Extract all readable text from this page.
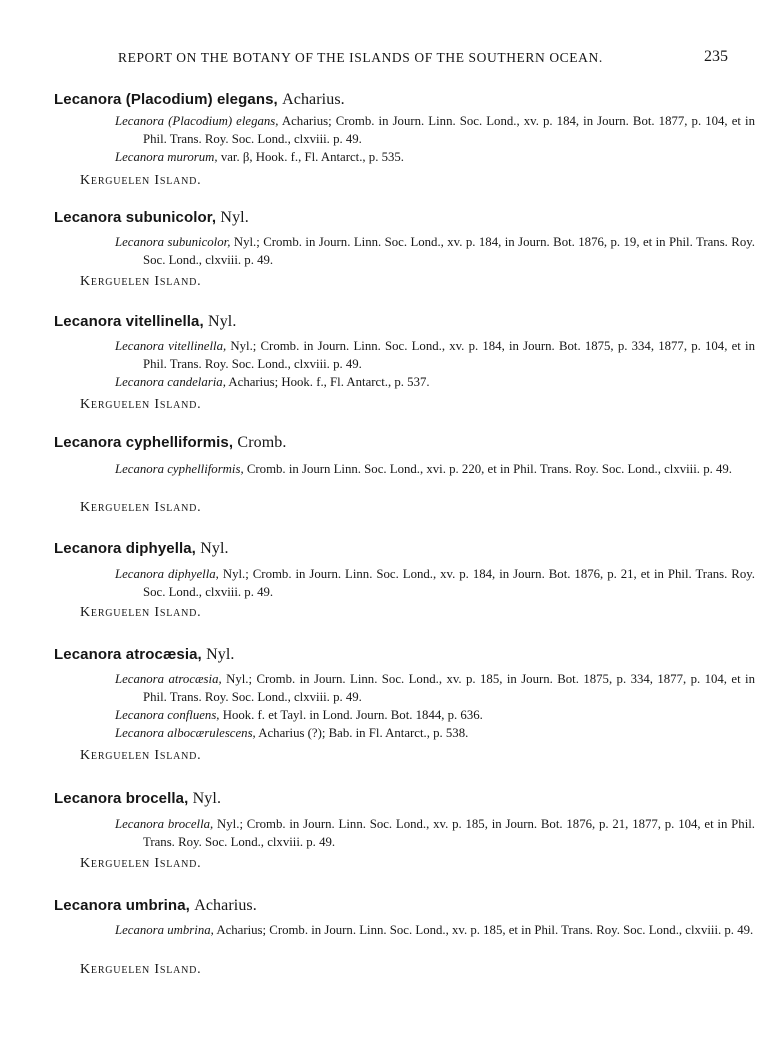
REPORT ON THE BOTANY OF THE ISLANDS OF THE SOUTHERN OCEAN.	235
Lecanora (Placodium) elegans, Acharius.
Lecanora (Placodium) elegans, Acharius; Cromb. in Journ. Linn. Soc. Lond., xv. p. 184, in Journ. Bot. 1877, p. 104, et in Phil. Trans. Roy. Soc. Lond., clxviii. p. 49.
Lecanora murorum, var. β, Hook. f., Fl. Antarct., p. 535.
Kerguelen Island.
Lecanora subunicolor, Nyl.
Lecanora subunicolor, Nyl.; Cromb. in Journ. Linn. Soc. Lond., xv. p. 184, in Journ. Bot. 1876, p. 19, et in Phil. Trans. Roy. Soc. Lond., clxviii. p. 49.
Kerguelen Island.
Lecanora vitellinella, Nyl.
Lecanora vitellinella, Nyl.; Cromb. in Journ. Linn. Soc. Lond., xv. p. 184, in Journ. Bot. 1875, p. 334, 1877, p. 104, et in Phil. Trans. Roy. Soc. Lond., clxviii. p. 49.
Lecanora candelaria, Acharius; Hook. f., Fl. Antarct., p. 537.
Kerguelen Island.
Lecanora cyphelliformis, Cromb.
Lecanora cyphelliformis, Cromb. in Journ Linn. Soc. Lond., xvi. p. 220, et in Phil. Trans. Roy. Soc. Lond., clxviii. p. 49.
Kerguelen Island.
Lecanora diphyella, Nyl.
Lecanora diphyella, Nyl.; Cromb. in Journ. Linn. Soc. Lond., xv. p. 184, in Journ. Bot. 1876, p. 21, et in Phil. Trans. Roy. Soc. Lond., clxviii. p. 49.
Kerguelen Island.
Lecanora atrocæsia, Nyl.
Lecanora atrocæsia, Nyl.; Cromb. in Journ. Linn. Soc. Lond., xv. p. 185, in Journ. Bot. 1875, p. 334, 1877, p. 104, et in Phil. Trans. Roy. Soc. Lond., clxviii. p. 49.
Lecanora confluens, Hook. f. et Tayl. in Lond. Journ. Bot. 1844, p. 636.
Lecanora albocærulescens, Acharius (?); Bab. in Fl. Antarct., p. 538.
Kerguelen Island.
Lecanora brocella, Nyl.
Lecanora brocella, Nyl.; Cromb. in Journ. Linn. Soc. Lond., xv. p. 185, in Journ. Bot. 1876, p. 21, 1877, p. 104, et in Phil. Trans. Roy. Soc. Lond., clxviii. p. 49.
Kerguelen Island.
Lecanora umbrina, Acharius.
Lecanora umbrina, Acharius; Cromb. in Journ. Linn. Soc. Lond., xv. p. 185, et in Phil. Trans. Roy. Soc. Lond., clxviii. p. 49.
Kerguelen Island.
